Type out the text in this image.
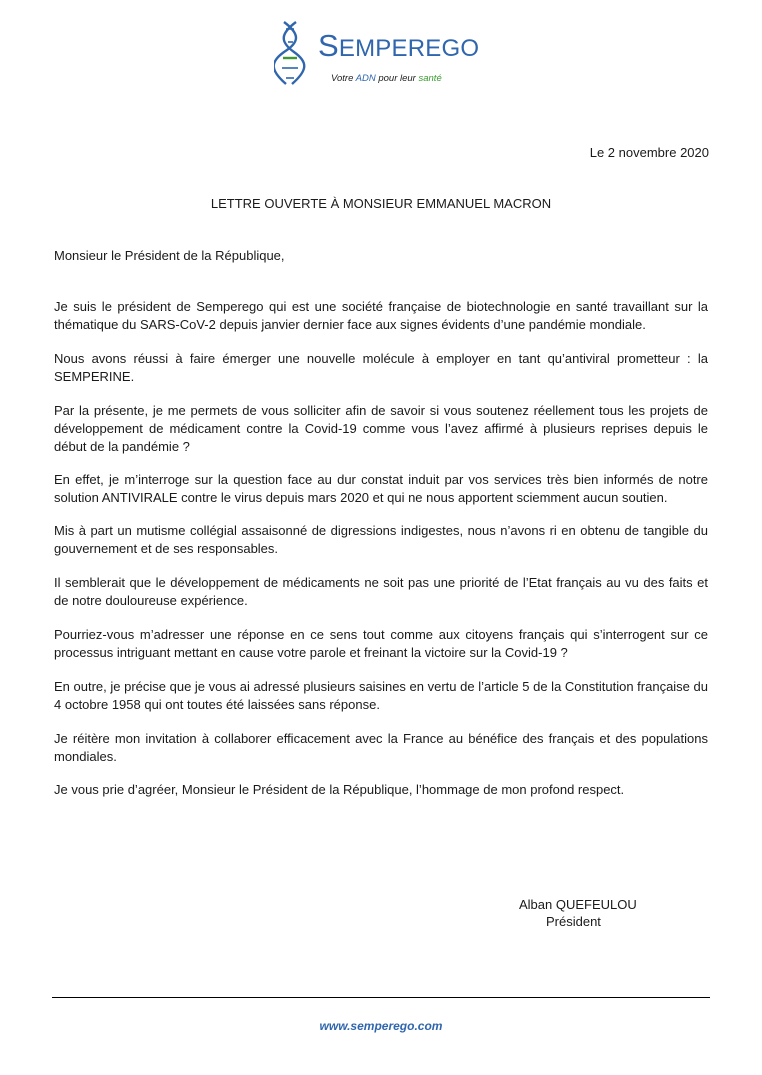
SEMPEREGO
Votre ADN pour leur santé
Le 2 novembre 2020
LETTRE OUVERTE À MONSIEUR EMMANUEL MACRON
Monsieur le Président de la République,
Je suis le président de Semperego qui est une société française de biotechnologie en santé travaillant sur la thématique du SARS-CoV-2 depuis janvier dernier face aux signes évidents d’une pandémie mondiale.
Nous avons réussi à faire émerger une nouvelle molécule à employer en tant qu’antiviral prometteur : la SEMPERINE.
Par la présente, je me permets de vous solliciter afin de savoir si vous soutenez réellement tous les projets de développement de médicament contre la Covid-19 comme vous l’avez affirmé à plusieurs reprises depuis le début de la pandémie ?
En effet, je m’interroge sur la question face au dur constat induit par vos services très bien informés de notre solution ANTIVIRALE contre le virus depuis mars 2020 et qui ne nous apportent sciemment aucun soutien.
Mis à part un mutisme collégial assaisonné de digressions indigestes, nous n’avons ri en obtenu de tangible du gouvernement et de ses responsables.
Il semblerait que le développement de médicaments ne soit pas une priorité de l’Etat français au vu des faits et de notre douloureuse expérience.
Pourriez-vous m’adresser une réponse en ce sens tout comme aux citoyens français qui s’interrogent sur ce processus intriguant mettant en cause votre parole et freinant la victoire sur la Covid-19 ?
En outre, je précise que je vous ai adressé plusieurs saisines en vertu de l’article 5 de la Constitution française du 4 octobre 1958 qui ont toutes été laissées sans réponse.
Je réitère mon invitation à collaborer efficacement avec la France au bénéfice des français et des populations mondiales.
Je vous prie d’agréer, Monsieur le Président de la République, l’hommage de mon profond respect.
Alban QUEFEULOU
Président
www.semperego.com
